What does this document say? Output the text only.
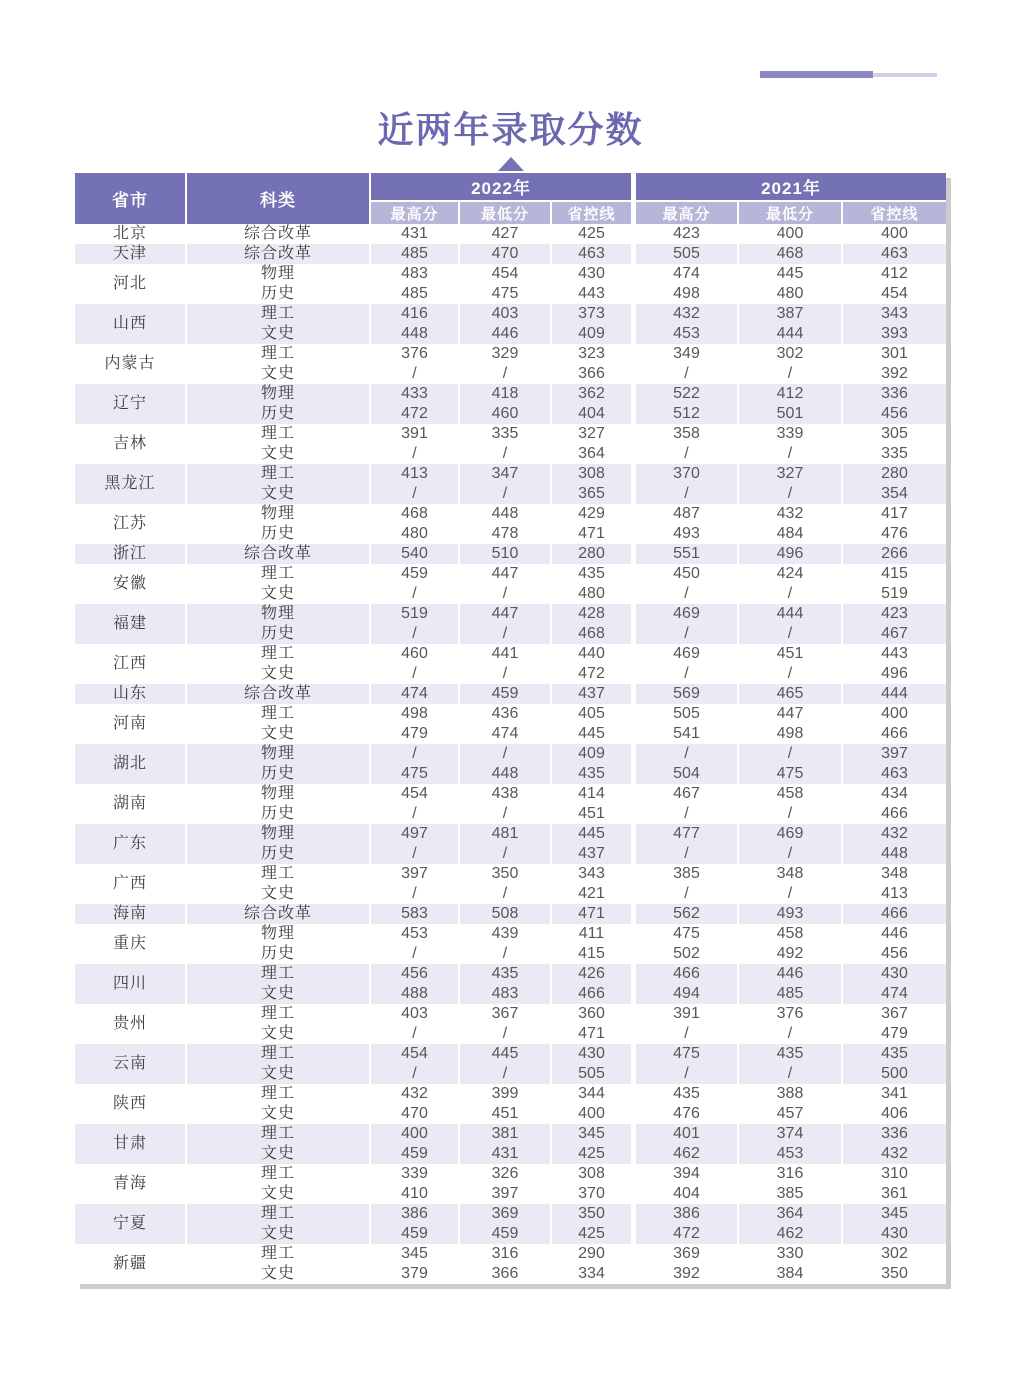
近两年录取分数
省市	科类	2022年			2021年		
		最高分	最低分	省控线	最高分	最低分	省控线
北京	综合改革	431	427	425	423	400	400
天津	综合改革	485	470	463	505	468	463
河北	物理	483	454	430	474	445	412
	历史	485	475	443	498	480	454
山西	理工	416	403	373	432	387	343
	文史	448	446	409	453	444	393
内蒙古	理工	376	329	323	349	302	301
	文史	/	/	366	/	/	392
辽宁	物理	433	418	362	522	412	336
	历史	472	460	404	512	501	456
吉林	理工	391	335	327	358	339	305
	文史	/	/	364	/	/	335
黑龙江	理工	413	347	308	370	327	280
	文史	/	/	365	/	/	354
江苏	物理	468	448	429	487	432	417
	历史	480	478	471	493	484	476
浙江	综合改革	540	510	280	551	496	266
安徽	理工	459	447	435	450	424	415
	文史	/	/	480	/	/	519
福建	物理	519	447	428	469	444	423
	历史	/	/	468	/	/	467
江西	理工	460	441	440	469	451	443
	文史	/	/	472	/	/	496
山东	综合改革	474	459	437	569	465	444
河南	理工	498	436	405	505	447	400
	文史	479	474	445	541	498	466
湖北	物理	/	/	409	/	/	397
	历史	475	448	435	504	475	463
湖南	物理	454	438	414	467	458	434
	历史	/	/	451	/	/	466
广东	物理	497	481	445	477	469	432
	历史	/	/	437	/	/	448
广西	理工	397	350	343	385	348	348
	文史	/	/	421	/	/	413
海南	综合改革	583	508	471	562	493	466
重庆	物理	453	439	411	475	458	446
	历史	/	/	415	502	492	456
四川	理工	456	435	426	466	446	430
	文史	488	483	466	494	485	474
贵州	理工	403	367	360	391	376	367
	文史	/	/	471	/	/	479
云南	理工	454	445	430	475	435	435
	文史	/	/	505	/	/	500
陕西	理工	432	399	344	435	388	341
	文史	470	451	400	476	457	406
甘肃	理工	400	381	345	401	374	336
	文史	459	431	425	462	453	432
青海	理工	339	326	308	394	316	310
	文史	410	397	370	404	385	361
宁夏	理工	386	369	350	386	364	345
	文史	459	459	425	472	462	430
新疆	理工	345	316	290	369	330	302
	文史	379	366	334	392	384	350
